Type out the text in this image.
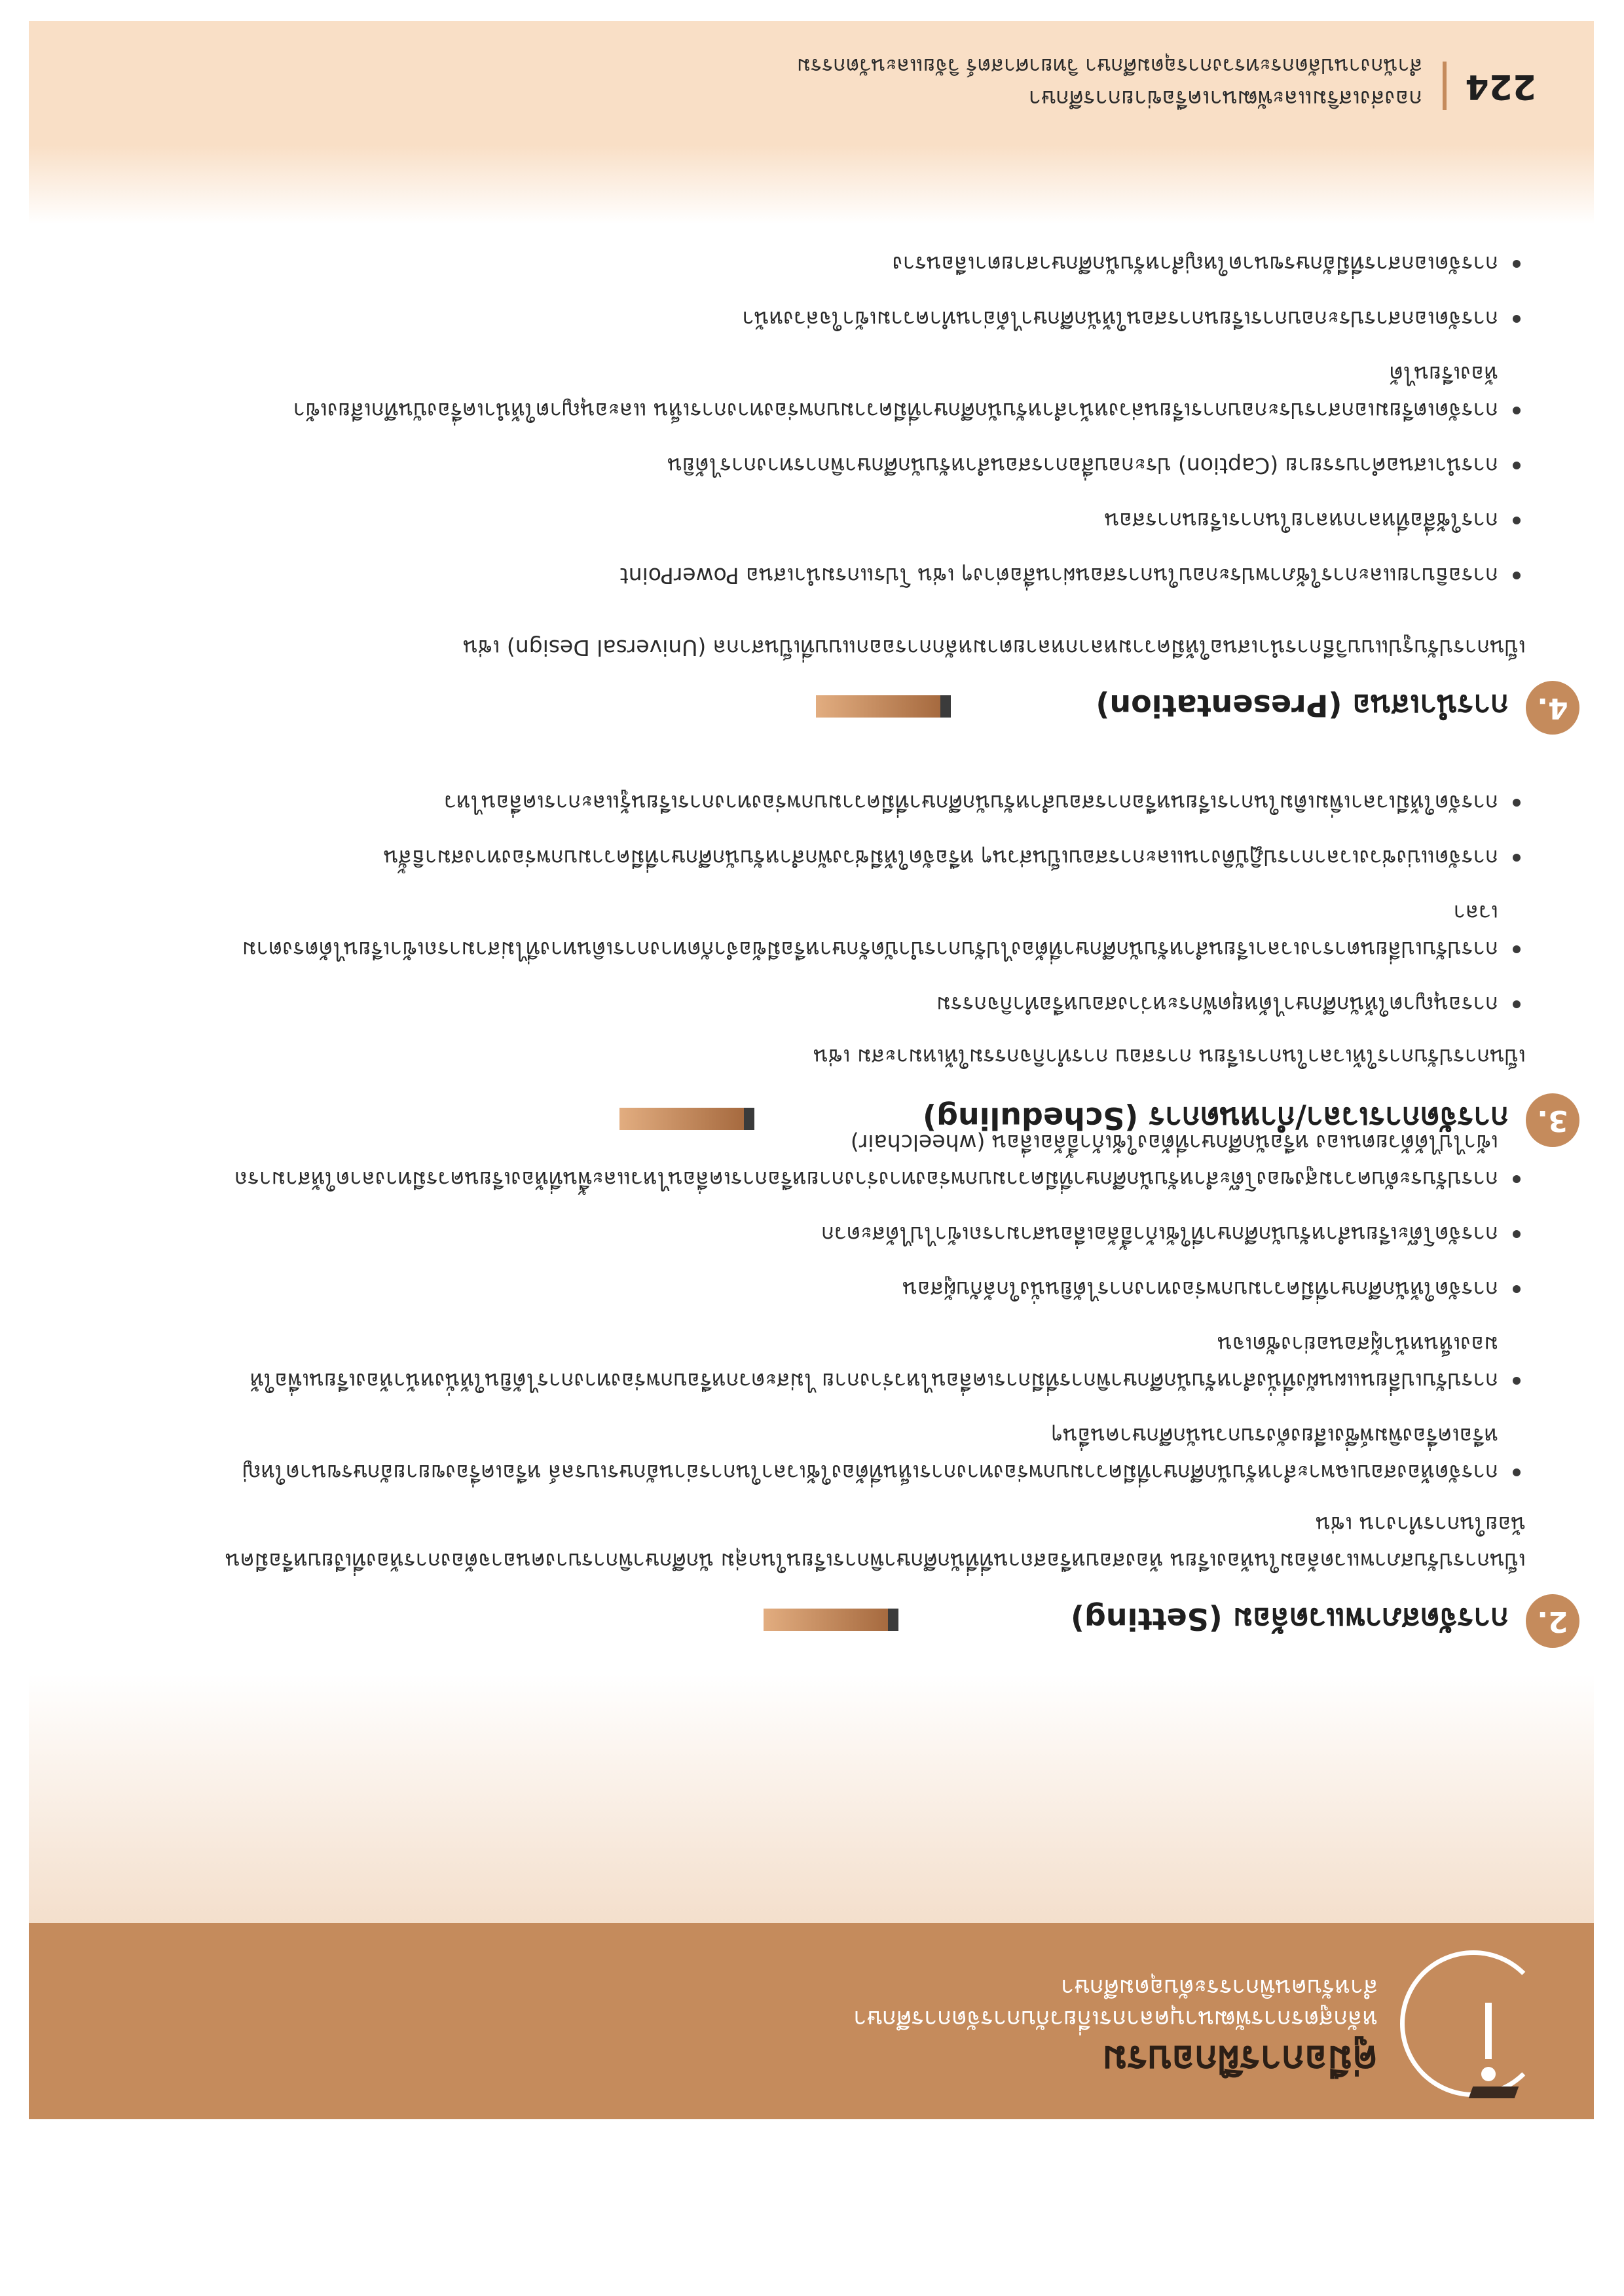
คู่มือการฝึกอบรม
หลักสูตรการพัฒนาบุคลากรเกี่ยวกับการจัดการศึกษา
สำหรับคนพิการระดับอุดมศึกษา
2.
การจัดสภาพแวดล้อม (Setting)

เป็นการปรับสภาพแวดล้อมในห้องเรียน ห้องสอบหรือสถานที่ที่นักศึกษาพิการเรียนในกลุ่ม นักศึกษาพิการบางคนอาจต้องการห้องที่เงียบหรือมีคนน้อยในการทำงาน เช่น

การจัดห้องสอบเฉพาะสำหรับนักศึกษาที่มีความบกพร่องทางการเห็นที่ต้องใช้เวลาในการอ่านอักษรเบรลล์ หรือเครื่องขยายอักษรขนาดใหญ่ หรือเครื่องพิมพ์ซึ่งเสียงดังรบกวนนักศึกษาคนอื่นๆ
การปรับเปลี่ยนแผนผังที่นั่งสำหรับนักศึกษาพิการที่มีการเคลื่อนไหวร่างกาย ไม่สะดวกหรือบกพร่องทางการได้ยินให้นั่งหน้าห้องเรียนเพื่อให้มองเห็นหน้าผู้สอนอย่างชัดเจน
การจัดให้นักศึกษาที่มีความบกพร่องทางการได้ยินนั่งใกล้กับผู้สอน
การจัดโต๊ะเรียนสำหรับนักศึกษาที่ใช้เก้าอี้ล้อเลื่อนสามารถเข้าไปได้สะดวก
การปรับระดับความสูงของโต๊ะสำหรับนักศึกษาที่มีความบกพร่องทางร่างกายหรือการเคลื่อนไหวและพื้นที่ห้องเรียนควรมีทางลาดให้สามารถเข้าไปได้ด้วยตนเอง หรือนักศึกษาที่ต้องใช้เก้าอี้ล้อเลื่อน (wheelchair)
3.
การจัดการเวลา/กำหนดการ (Scheduling)

เป็นการปรับการให้เวลาในการเรียน การสอบ การทำกิจกรรมให้เหมาะสม เช่น

การอนุญาตให้นักศึกษาได้หยุดพักระหว่างสอบหรือทำกิจกรรม
การปรับเปลี่ยนตารางเวลาเรียนสำหรับนักศึกษาที่ต้องไปรับการบำบัดรักษาหรือมีข้อจำกัดทางการเดินทางที่ไม่สามารถเข้าเรียนได้ตรงตามเวลา
การจัดแบ่งช่วงเวลาการปฏิบัติงานและการสอบเป็นส่วนๆ หรือจัดให้มีช่วงพักสำหรับนักศึกษาที่มีความบกพร่องทางสมาธิสั้น
การจัดให้มีเวลาเพิ่มเติมในการเรียนหรือการสอบสำหรับนักศึกษาที่มีความบกพร่องทางการเรียนรู้และการเคลื่อนไหว
4.
การนำเสนอ (Presentation)

เป็นการปรับรูปแบบวิธีการนำเสนอให้มีความหลากหลายตามหลักการออกแบบที่เป็นสากล (Universal Design) เช่น

การอธิบายและการใช้ภาพประกอบในการสอนผ่านสื่อต่างๆ เช่น โปรแกรมนำเสนอ PowerPoint
การใช้สื่อที่หลากหลายในการเรียนการสอน
การนำเสนอคำบรรยาย (Caption) ประกอบสื่อการสอนสำหรับนักศึกษาพิการทางการได้ยิน
การจัดเตรียมเอกสารประกอบการเรียนล่วงหน้าสำหรับนักศึกษาที่มีความบกพร่องทางการเห็น และอนุญาตให้นำเครื่องบันทึกเสียงเข้าห้องเรียนได้
การจัดเอกสารประกอบการเรียนการสอนให้นักศึกษาได้อ่านทำความเข้าใจล่วงหน้า
การจัดเอกสารที่มีอักษรขนาดใหญ่สำหรับนักศึกษาสายตาเลือนราง
224
กองส่งเสริมและพัฒนาเครือข่ายการศึกษา
สำนักงานปลัดกระทรวงการอุดมศึกษา วิทยาศาสตร์ วิจัยและนวัตกรรม
